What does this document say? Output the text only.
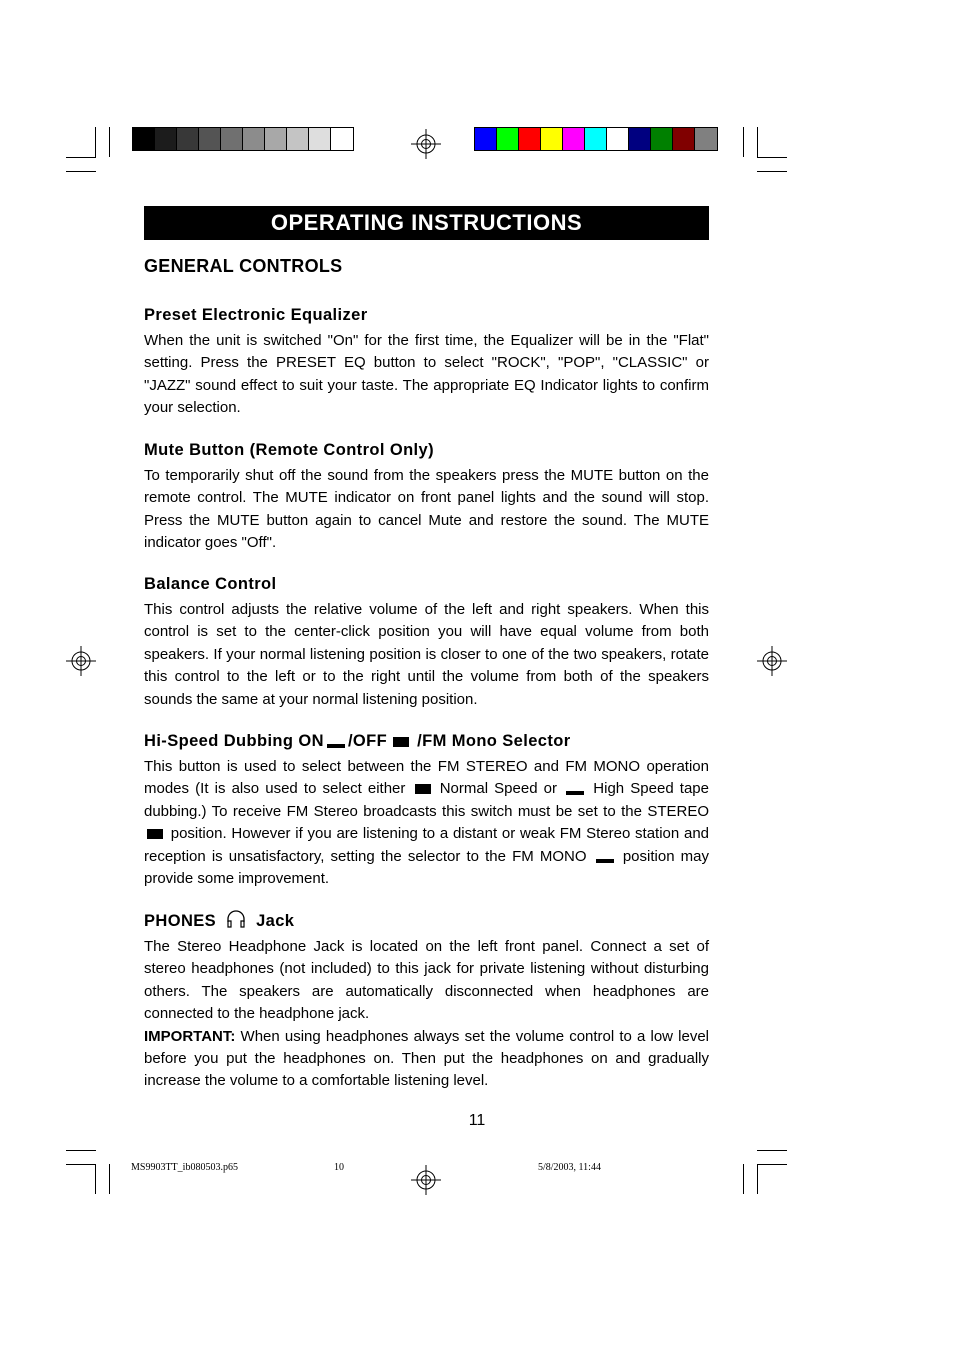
OPERATING INSTRUCTIONS
GENERAL CONTROLS
Preset Electronic Equalizer

When the unit is switched "On" for the first time, the Equalizer will be in the "Flat" setting. Press the PRESET EQ button to select "ROCK", "POP", "CLASSIC" or "JAZZ" sound effect to suit your taste. The appropriate EQ Indicator lights to confirm your selection.

Mute Button (Remote Control Only)

To temporarily shut off the sound from the speakers press the MUTE button on the remote control. The MUTE indicator on front panel lights and the sound will stop. Press the MUTE button again to cancel Mute and restore the sound. The MUTE indicator goes "Off".

Balance Control

This control adjusts the relative volume of the left and right speakers. When this control is set to the center-click position you will have equal volume from both speakers. If your normal listening position is closer to one of the two speakers, rotate this control to the left or to the right until the volume from both of the speakers sounds the same at your normal listening position.

Hi-Speed Dubbing ON /OFF /FM Mono Selector

This button is used to select between the FM STEREO and FM MONO operation modes (It is also used to select either Normal Speed or High Speed tape dubbing.) To receive FM Stereo broadcasts this switch must be set to the STEREO  position. However if you are listening to a distant or weak FM Stereo station and reception is unsatisfactory, setting the selector to the FM MONO position may provide some improvement.

PHONES Jack

The Stereo Headphone Jack is located on the left front panel. Connect a set of stereo headphones (not included) to this jack for private listening without disturbing others. The speakers are automatically disconnected when headphones are connected to the headphone jack.

IMPORTANT: When using headphones always set the volume control to a low level before you put the headphones on. Then put the headphones on and gradually increase the volume to a comfortable listening level.

11
MS9903TT_ib080503.p65	10	5/8/2003, 11:44
